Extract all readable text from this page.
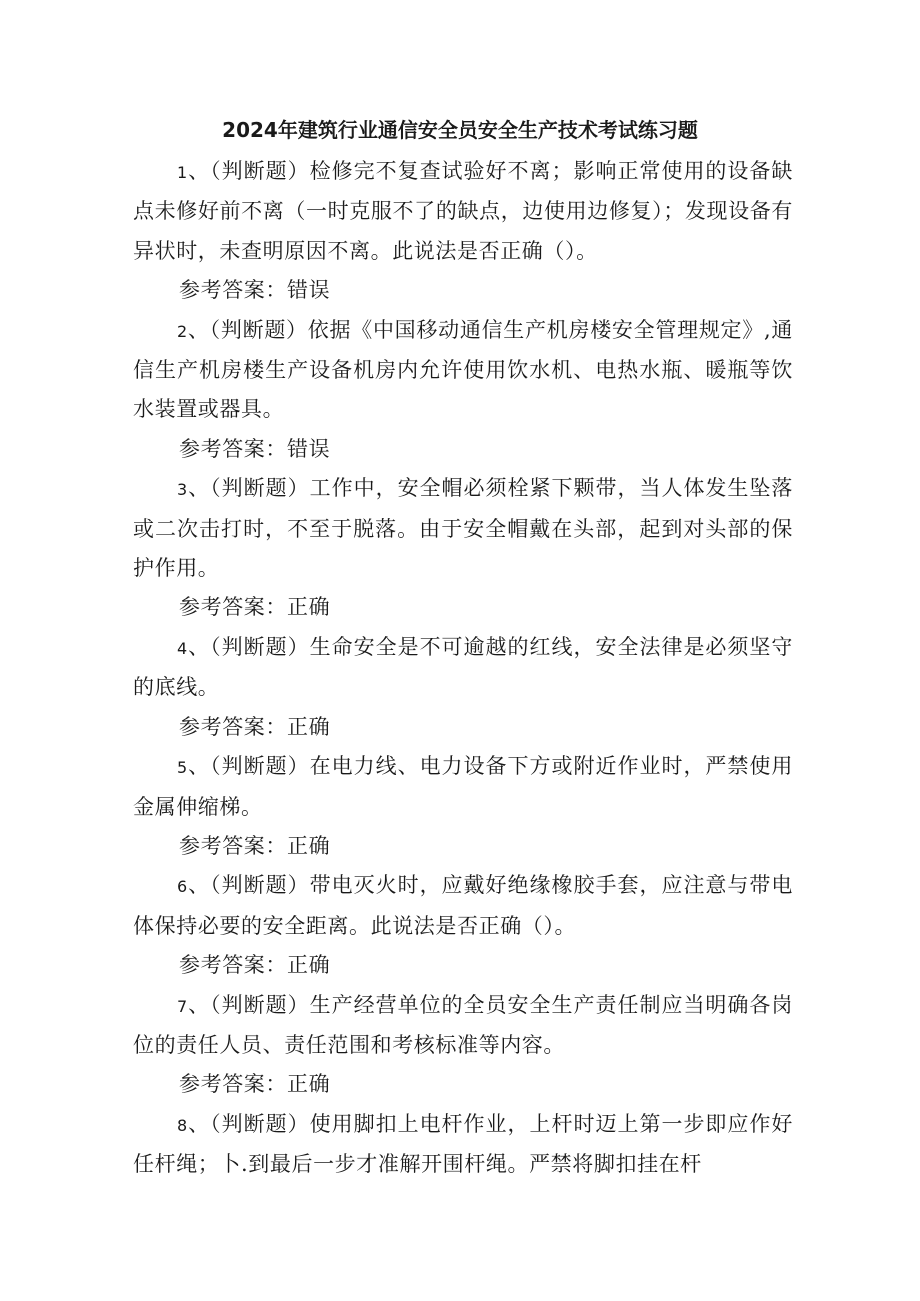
2024年建筑行业通信安全员安全生产技术考试练习题

1、（判断题）检修完不复查试验好不离；影响正常使用的设备缺点未修好前不离（一时克服不了的缺点，边使用边修复）；发现设备有异状时，未查明原因不离。此说法是否正确（）。

参考答案：错误

2、（判断题）依据《中国移动通信生产机房楼安全管理规定》,通信生产机房楼生产设备机房内允许使用饮水机、电热水瓶、暖瓶等饮水装置或器具。

参考答案：错误

3、（判断题）工作中，安全帽必须栓紧下颗带，当人体发生坠落或二次击打时，不至于脱落。由于安全帽戴在头部，起到对头部的保护作用。

参考答案：正确

4、（判断题）生命安全是不可逾越的红线，安全法律是必须坚守的底线。

参考答案：正确

5、（判断题）在电力线、电力设备下方或附近作业时，严禁使用金属伸缩梯。

参考答案：正确

6、（判断题）带电灭火时，应戴好绝缘橡胶手套，应注意与带电体保持必要的安全距离。此说法是否正确（）。

参考答案：正确

7、（判断题）生产经营单位的全员安全生产责任制应当明确各岗位的责任人员、责任范围和考核标准等内容。

参考答案：正确

8、（判断题）使用脚扣上电杆作业，上杆时迈上第一步即应作好任杆绳；卜.到最后一步才准解开围杆绳。严禁将脚扣挂在杆
